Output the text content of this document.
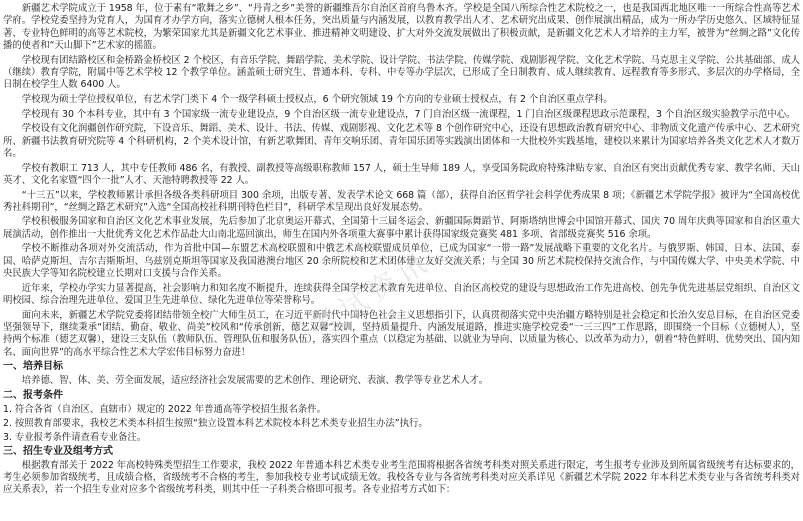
新疆艺术学院成立于 1958 年，位于素有“歌舞之乡”、“丹青之乡”美誉的新疆维吾尔自治区首府乌鲁木齐。学校是全国八所综合性艺术院校之一，也是我国西北地区唯一一所综合性高等艺术学府。学校党委坚持为党育人，为国育才办学方向，落实立德树人根本任务，突出质量与内涵发展，以教育教学出人才、艺术研究出成果、创作展演出精品，成为一所办学历史悠久、区域特征显著、专业特色鲜明的高等艺术院校，为繁荣国家尤其是新疆文化艺术事业、推进精神文明建设、扩大对外交流发展做出了积极贡献，是新疆文化艺术人才培养的主力军，被誉为“丝绸之路”文化传播的使者和“天山脚下”艺术家的摇篮。

学校现有团结路校区和金桥路金桥校区 2 个校区，有音乐学院、舞蹈学院、美术学院、设计学院、书法学院、传媒学院、戏剧影视学院、文化艺术学院、马克思主义学院、公共基础部、成人（继续）教育学院，附属中等艺术学校 12 个教学单位。涵盖硕士研究生、普通本科、专科、中专等办学层次，已形成了全日制教育、成人继续教育、远程教育等多形式、多层次的办学格局，全日制在校学生人数 6400 人。

学校现为硕士学位授权单位，有艺术学门类下 4 个一级学科硕士授权点，6 个研究领域 19 个方向的专业硕士授权点，有 2 个自治区重点学科。

学校现有 30 个本科专业，其中有 3 个国家级一流专业建设点，9 个自治区级一流专业建设点，7 门自治区级一流课程，1 门自治区级课程思政示范课程，3 个自治区级实验教学示范中心。

学校设有文化润疆创作研究院，下设音乐、舞蹈、美术、设计、书法、传媒、戏剧影视、文化艺术等 8 个创作研究中心，还设有思想政治教育研究中心、非物质文化遗产传承中心、艺术研究所、新疆书法教育研究院等 4 个科研机构，2 个美术设计馆，有新艺歌舞团、青年交响乐团、青年国乐团等实践演出团体和一大批校外实践基地，建校以来累计为国家培养各类文化艺术人才数万名。

学校有教职工 713 人，其中专任教师 486 名，有教授、副教授等高级职称教师 157 人，硕士生导师 189 人，享受国务院政府特殊津贴专家、自治区有突出贡献优秀专家、教学名师、天山英才、文化名家暨“四个一批”人才、天池特聘教授等 22 人。

“十三五”以来，学校教师累计承担各级各类科研项目 300 余项，出版专著、发表学术论文 668 篇（部），获得自治区哲学社会科学优秀成果 8 项；《新疆艺术学院学报》被评为“全国高校优秀社科期刊”，“丝绸之路艺术研究”入选“全国高校社科期刊特色栏目”，科研学术呈现出良好发展态势。

学校积极服务国家和自治区文化艺术事业发展，先后参加了北京奥运开幕式、全国第十三届冬运会、新疆国际舞蹈节、阿斯塔纳世博会中国馆开幕式、国庆 70 周年庆典等国家和自治区重大展演活动，创作推出一大批优秀文化艺术作品赴大山南北巡回演出，师生在国内外各项重大赛事中累计获得国家级竞赛奖 481 多项、省部级竞赛奖 516 余项。

学校不断推动各项对外交流活动，作为首批中国—东盟艺术高校联盟和中俄艺术高校联盟成员单位，已成为国家“一带一路”发展战略下重要的文化名片。与俄罗斯、韩国、日本、法国、泰国、哈萨克斯坦、吉尔吉斯斯坦、乌兹别克斯坦等国家及我国港澳台地区 20 余所院校和艺术团体建立友好交流关系；与全国 30 所艺术院校保持交流合作，与中国传媒大学、中央美术学院、中央民族大学等知名院校建立长期对口支援与合作关系。

近年来，学校办学实力显著提高，社会影响力和知名度不断提升，连续获得全国学校艺术教育先进单位、自治区高校党的建设与思想政治工作先进高校、创先争优先进基层党组织、自治区文明校园、综合治理先进单位、爱国卫生先进单位、绿化先进单位等荣誉称号。

面向未来，新疆艺术学院党委将团结带领全校广大师生员工，在习近平新时代中国特色社会主义思想指引下，认真贯彻落实党中央治疆方略特别是社会稳定和长治久安总目标，在自治区党委坚强领导下，继续秉承“团结、勤奋、敬业、尚美”校风和“传承创新，德艺双馨”校训，坚持质量提升、内涵发展道路，推进实施学校党委“一三三四”工作思路，即围绕一个目标（立德树人），坚持两个标准（德艺双馨），建设三支队伍（教师队伍、管理队伍和服务队伍），落实四个重点（以稳定为基础、以就业为导向、以质量为核心、以改革为动力），朝着“特色鲜明、优势突出、国内知名、面向世界”的高水平综合性艺术大学宏伟目标努力奋进！

一、培养目标

培养德、智、体、美、劳全面发展，适应经济社会发展需要的艺术创作、理论研究、表演、教学等专业艺术人才。

二、报考条件

1. 符合各省（自治区、直辖市）规定的 2022 年普通高等学校招生报名条件。

2. 按照教育部要求，我校艺术类本科招生按照“独立设置本科艺术院校本科艺术类专业招生办法”执行。

3. 专业报考条件请查看专业备注。

三、招生专业及组考方式

根据教育部关于 2022 年高校特殊类型招生工作要求，我校 2022 年普通本科艺术类专业考生范围将根据各省统考科类对照关系进行限定，考生报考专业涉及到所属省级统考有达标要求的，考生必须参加省级统考，且成绩合格，省级统考不合格的考生，参加我校专业考试成绩无效。我校各专业与各省统考科类对应关系详见《新疆艺术学院 2022 年本科艺术类专业与各省统考科类对应关系表》，若一个招生专业对应多个省级统考科类，则其中任一子科类合格即可报考。各专业招考方式如下：

考试资讯
